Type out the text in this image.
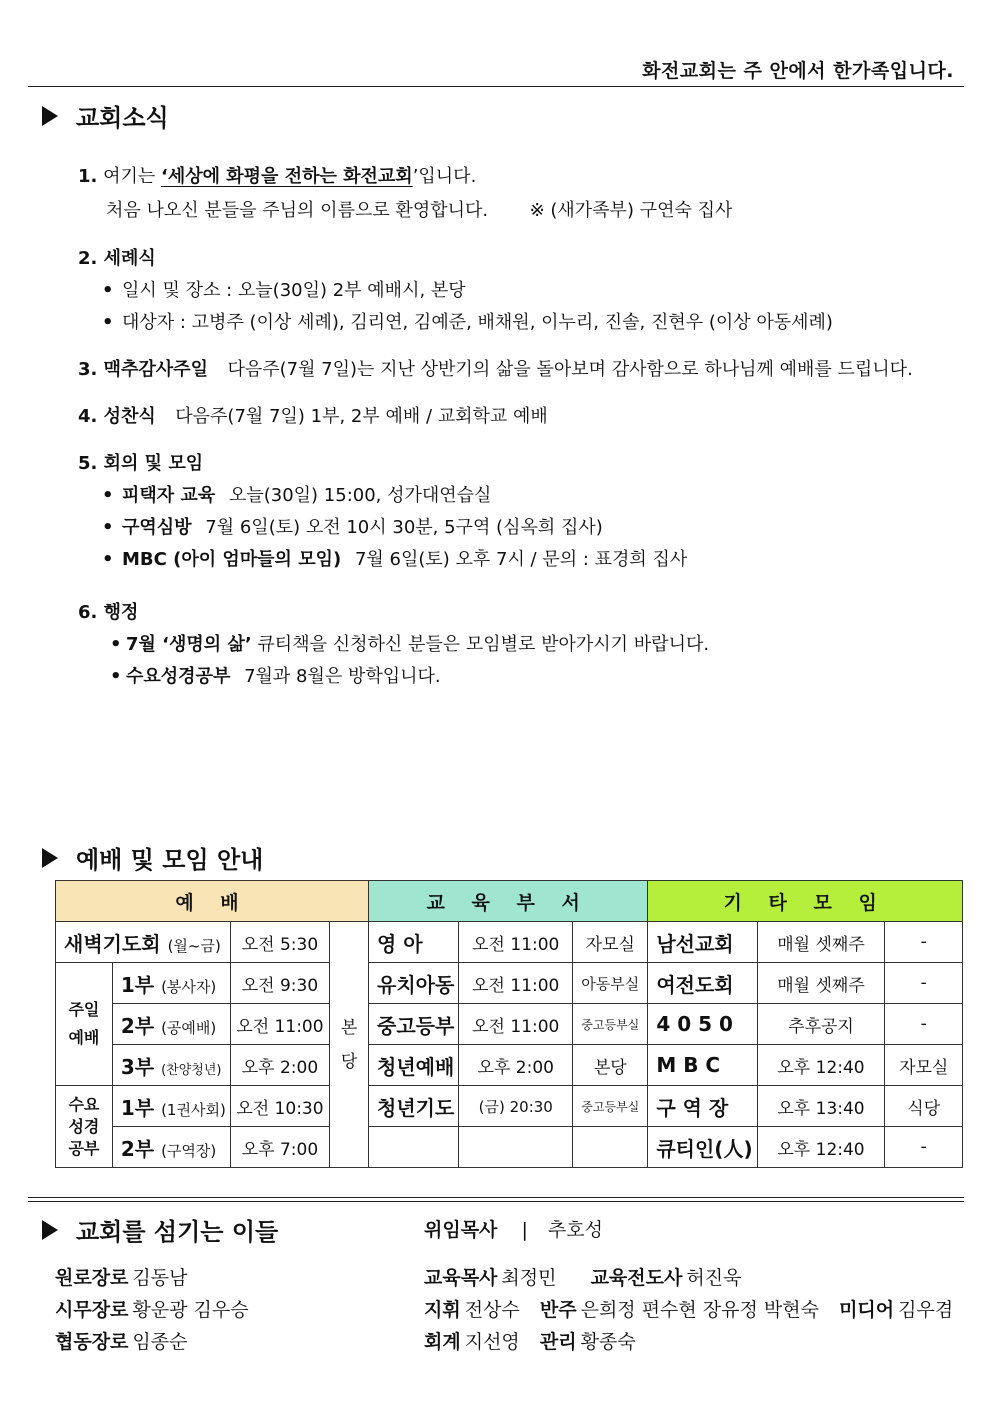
화전교회는 주 안에서 한가족입니다.
교회소식
1. 여기는 ‘세상에 화평을 전하는 화전교회’입니다.
처음 나오신 분들을 주님의 이름으로 환영합니다. ※ (새가족부) 구연숙 집사
2. 세례식
• 일시 및 장소 : 오늘(30일) 2부 예배시, 본당
• 대상자 : 고병주 (이상 세례), 김리연, 김예준, 배채원, 이누리, 진솔, 진현우 (이상 아동세례)
3. 맥추감사주일 다음주(7월 7일)는 지난 상반기의 삶을 돌아보며 감사함으로 하나님께 예배를 드립니다.
4. 성찬식 다음주(7월 7일) 1부, 2부 예배 / 교회학교 예배
5. 회의 및 모임
• 피택자 교육 오늘(30일) 15:00, 성가대연습실
• 구역심방 7월 6일(토) 오전 10시 30분, 5구역 (심옥희 집사)
• MBC (아이 엄마들의 모임) 7월 6일(토) 오후 7시 / 문의 : 표경희 집사
6. 행정
• 7월 ‘생명의 삶’ 큐티책을 신청하신 분들은 모임별로 받아가시기 바랍니다.
• 수요성경공부 7월과 8월은 방학입니다.
예배 및 모임 안내
예 배				교 육 부 서			기 타 모 임		
새벽기도회 (월~금)		오전 5:30	본 당	영 아	오전 11:00	자모실	남선교회	매월 셋째주	-
주일 예배	1부 (봉사자)	오전 9:30		유치아동	오전 11:00	아동부실	여전도회	매월 셋째주	-
	2부 (공예배)	오전 11:00		중고등부	오전 11:00	중고등부실	4 0 5 0	추후공지	-
	3부 (찬양청년)	오후 2:00		청년예배	오후 2:00	본당	M B C	오후 12:40	자모실
수요 성경 공부	1부 (1권사회)	오전 10:30		청년기도	(금) 20:30	중고등부실	구 역 장	오후 13:40	식당
	2부 (구역장)	오후 7:00					큐티인(人)	오후 12:40	-
교회를 섬기는 이들	위임목사 | 추호성
원로장로 김동남
시무장로 황운광 김우승
협동장로 임종순
교육목사 최정민 교육전도사 허진욱
지휘 전상수 반주 은희정 편수현 장유정 박현숙 미디어 김우겸
회계 지선영 관리 황종숙
